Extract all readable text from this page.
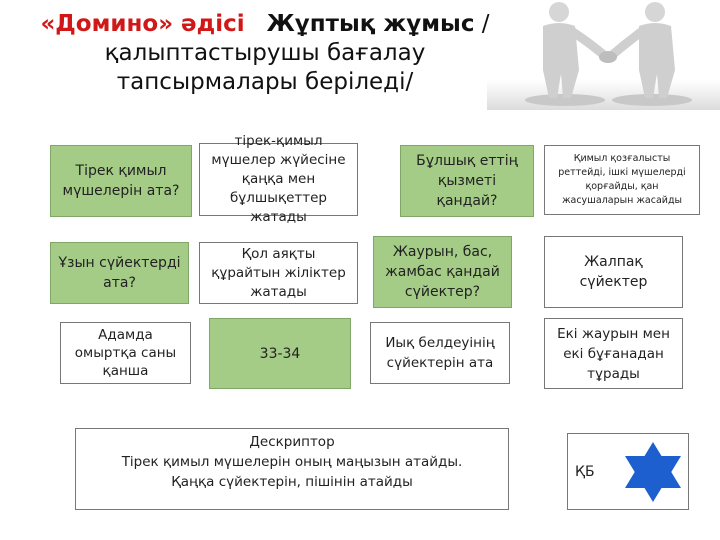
«Домино» әдісі Жұптық жұмыс /қалыптастырушы бағалау тапсырмалары беріледі/
Тірек қимыл мүшелерін ата?
тірек-қимыл мүшелер жүйесіне қаңқа мен бұлшықеттер жатады
Бұлшық еттің қызметі қандай?
Қимыл қозғалысты реттейді, ішкі мүшелерді қорғайды, қан жасушаларын жасайды
Ұзын сүйектерді ата?
Қол аяқты құрайтын жіліктер жатады
Жаурын, бас, жамбас қандай сүйектер?
Жалпақ сүйектер
Адамда омыртқа саны қанша
33-34
Иық белдеуінің сүйектерін ата
Екі жаурын мен екі бұғанадан тұрады
Дескриптор
Тірек қимыл мүшелерін оның маңызын атайды.
Қаңқа сүйектерін, пішінін атайды
ҚБ
